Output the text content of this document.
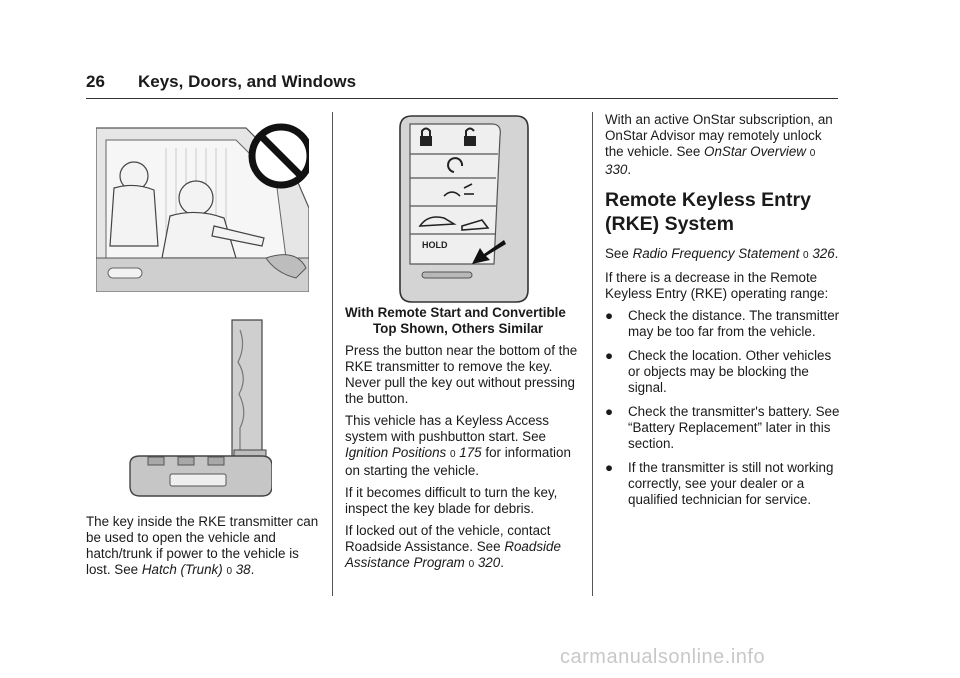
26 Keys, Doors, and Windows
HOLD

The key inside the RKE transmitter can be used to open the vehicle and hatch/trunk if power to the vehicle is lost. See Hatch (Trunk) 0 38.

With Remote Start and Convertible
Top Shown, Others Similar

Press the button near the bottom of the RKE transmitter to remove the key. Never pull the key out without pressing the button.

This vehicle has a Keyless Access system with pushbutton start. See Ignition Positions 0 175 for information on starting the vehicle.

If it becomes difficult to turn the key, inspect the key blade for debris.

If locked out of the vehicle, contact Roadside Assistance. See Roadside Assistance Program 0 320.

With an active OnStar subscription, an OnStar Advisor may remotely unlock the vehicle. See OnStar Overview 0 330.

Remote Keyless Entry (RKE) System

See Radio Frequency Statement 0 326.

If there is a decrease in the Remote Keyless Entry (RKE) operating range:

● Check the distance. The transmitter may be too far from the vehicle.
● Check the location. Other vehicles or objects may be blocking the signal.
● Check the transmitter's battery. See “Battery Replacement” later in this section.
● If the transmitter is still not working correctly, see your dealer or a qualified technician for service.
carmanualsonline.info
